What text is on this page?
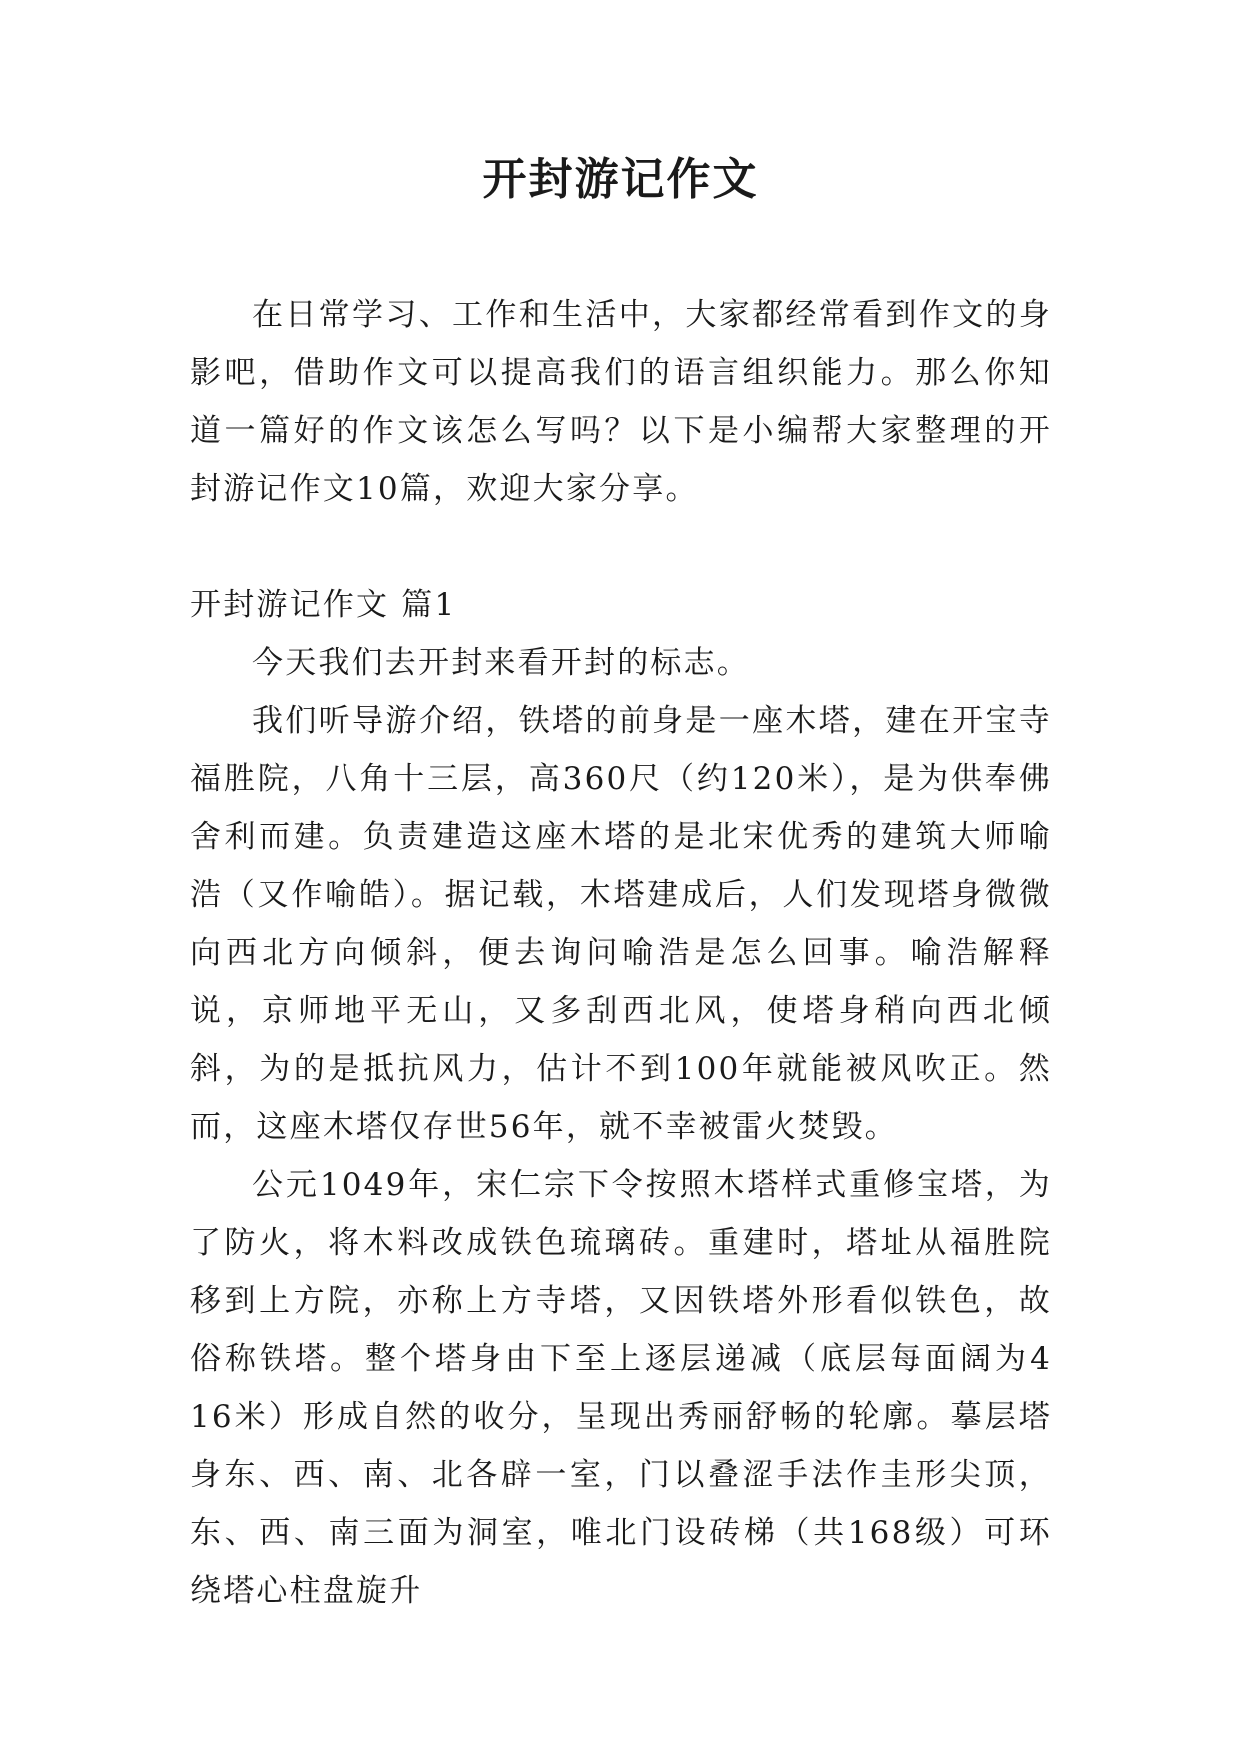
开封游记作文

在日常学习、工作和生活中，大家都经常看到作文的身影吧，借助作文可以提高我们的语言组织能力。那么你知道一篇好的作文该怎么写吗？以下是小编帮大家整理的开封游记作文10篇，欢迎大家分享。

开封游记作文 篇1

今天我们去开封来看开封的标志。

我们听导游介绍，铁塔的前身是一座木塔，建在开宝寺福胜院，八角十三层，高360尺（约120米），是为供奉佛舍利而建。负责建造这座木塔的是北宋优秀的建筑大师喻浩（又作喻皓）。据记载，木塔建成后，人们发现塔身微微向西北方向倾斜，便去询问喻浩是怎么回事。喻浩解释说，京师地平无山，又多刮西北风，使塔身稍向西北倾斜，为的是抵抗风力，估计不到100年就能被风吹正。然而，这座木塔仅存世56年，就不幸被雷火焚毁。

公元1049年，宋仁宗下令按照木塔样式重修宝塔，为了防火，将木料改成铁色琉璃砖。重建时，塔址从福胜院移到上方院，亦称上方寺塔，又因铁塔外形看似铁色，故俗称铁塔。整个塔身由下至上逐层递减（底层每面阔为4 16米）形成自然的收分，呈现出秀丽舒畅的轮廓。摹层塔身东、西、南、北各辟一室，门以叠涩手法作圭形尖顶，东、西、南三面为洞室，唯北门设砖梯（共168级）可环绕塔心柱盘旋升
